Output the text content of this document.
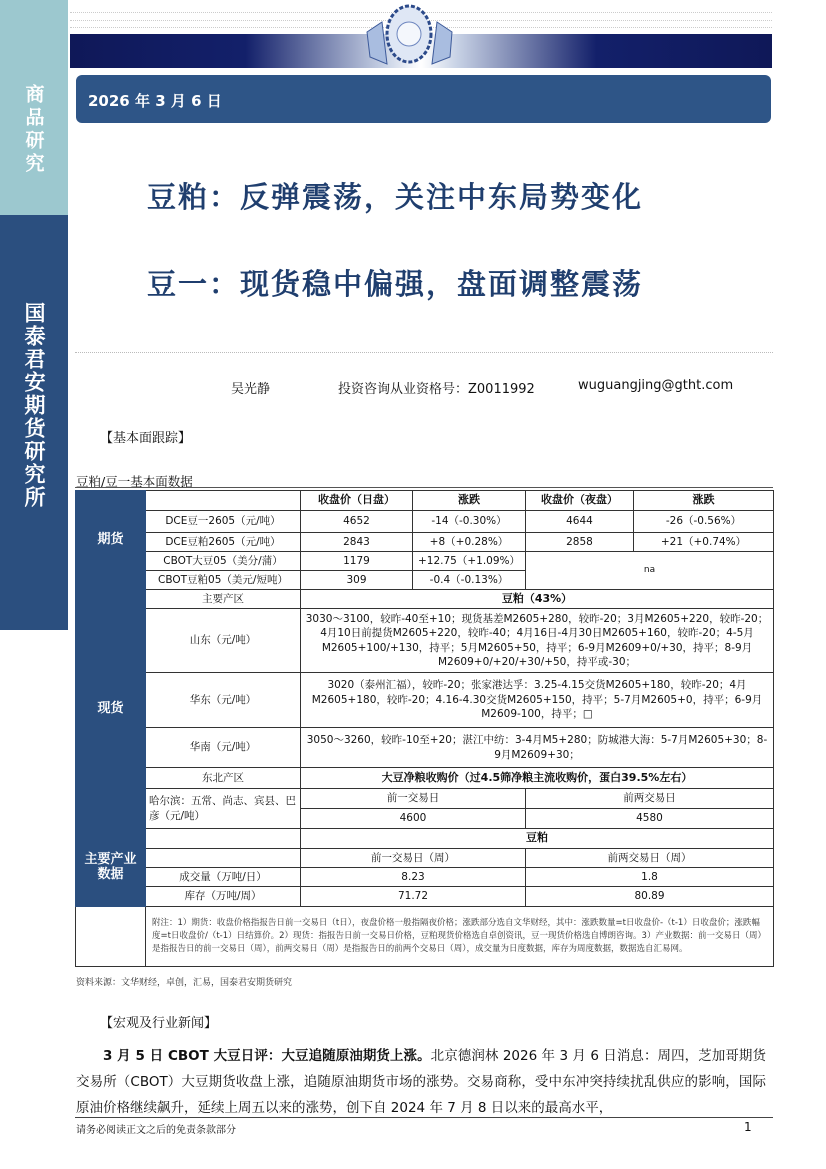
商品研究
国泰君安期货研究所
2026 年 3 月 6 日
豆粕：反弹震荡，关注中东局势变化
豆一：现货稳中偏强，盘面调整震荡
吴光静	投资咨询从业资格号：Z0011992	wuguangjing@gtht.com
【基本面跟踪】
豆粕/豆一基本面数据
期货		收盘价（日盘）	涨跌	收盘价（夜盘）	涨跌
	DCE豆一2605（元/吨）	4652	-14（-0.30%）	4644	-26（-0.56%）
	DCE豆粕2605（元/吨）	2843	+8（+0.28%）	2858	+21（+0.74%）
	CBOT大豆05（美分/蒲）	1179	+12.75（+1.09%）	na	
	CBOT豆粕05（美元/短吨）	309	-0.4（-0.13%）		
现货	主要产区	豆粕（43%）			
	山东（元/吨）	3030～3100，较昨-40至+10；现货基差M2605+280，较昨-20；3月M2605+220，较昨-20；4月10日前提货M2605+220，较昨-40；4月16日-4月30日M2605+160，较昨-20；4-5月M2605+100/+130，持平；5月M2605+50，持平；6-9月M2609+0/+30，持平；8-9月M2609+0/+20/+30/+50，持平或-30；			
	华东（元/吨）	3020（泰州汇福），较昨-20；张家港达孚：3.25-4.15交货M2605+180，较昨-20；4月M2605+180，较昨-20；4.16-4.30交货M2605+150，持平；5-7月M2605+0，持平；6-9月M2609-100，持平；□			
	华南（元/吨）	3050～3260，较昨-10至+20；湛江中纺：3-4月M5+280；防城港大海：5-7月M2605+30；8-9月M2609+30；			
	东北产区	大豆净粮收购价（过4.5筛净粮主流收购价，蛋白39.5%左右）			
	哈尔滨：五常、尚志、宾县、巴彦（元/吨）	前一交易日		前两交易日	
		4600		4580	

主要产业数据		豆粕			
		前一交易日（周）		前两交易日（周）	
	成交量（万吨/日）	8.23		1.8	
	库存（万吨/周）	71.72		80.89	
	附注：1）期货：收盘价格指报告日前一交易日（t日），夜盘价格一般指隔夜价格；涨跌部分选自文华财经，其中：涨跌数量=t日收盘价-（t-1）日收盘价；涨跌幅度=t日收盘价/（t-1）日结算价。2）现货：指报告日前一交易日价格，豆粕现货价格选自卓创资讯，豆一现货价格选自博朗咨询。3）产业数据：前一交易日（周）是指报告日的前一交易日（周），前两交易日（周）是指报告日的前两个交易日（周），成交量为日度数据，库存为周度数据，数据选自汇易网。				
资料来源：文华财经，卓创，汇易，国泰君安期货研究
【宏观及行业新闻】
3 月 5 日 CBOT 大豆日评：大豆追随原油期货上涨。北京德润林 2026 年 3 月 6 日消息：周四，芝加哥期货交易所（CBOT）大豆期货收盘上涨，追随原油期货市场的涨势。交易商称，受中东冲突持续扰乱供应的影响，国际原油价格继续飙升，延续上周五以来的涨势，创下自 2024 年 7 月 8 日以来的最高水平，
请务必阅读正文之后的免责条款部分	1
